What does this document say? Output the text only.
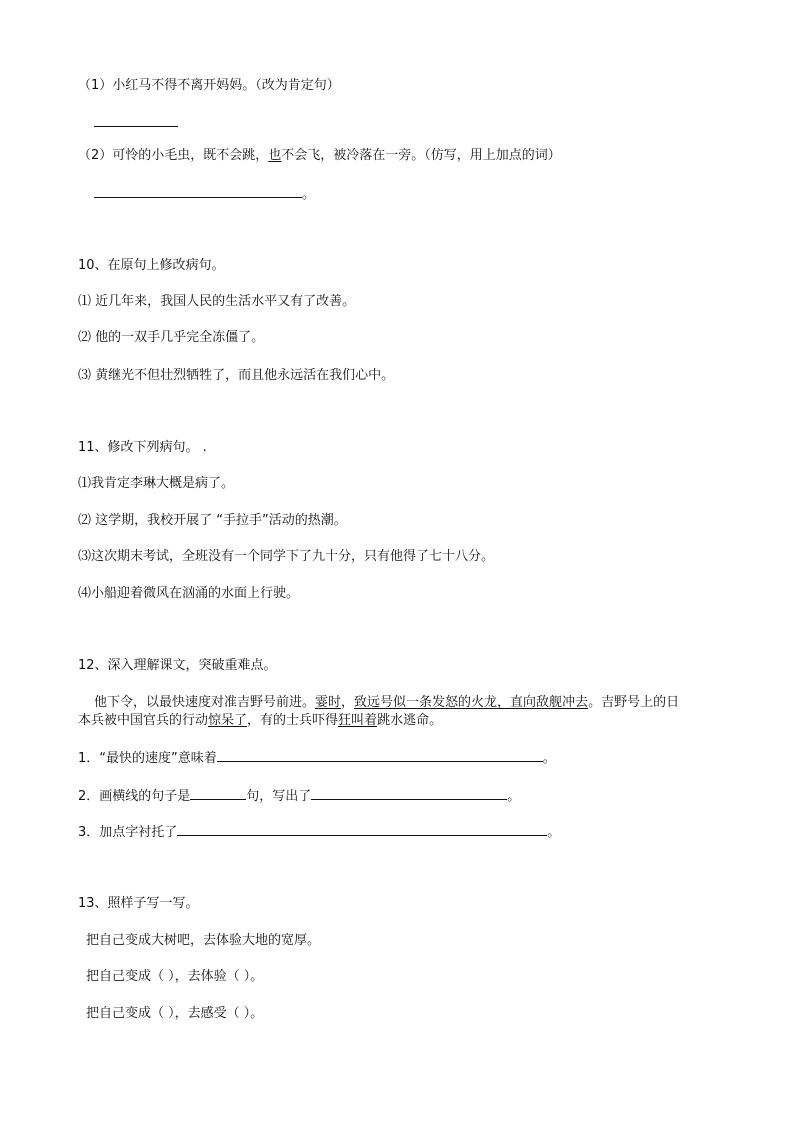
（1）小红马不得不离开妈妈。（改为肯定句）
（2）可怜的小毛虫，既不会跳，也不会飞，被冷落在一旁。（仿写，用上加点的词）
。
10、在原句上修改病句。
⑴ 近几年来，我国人民的生活水平又有了改善。
⑵ 他的一双手几乎完全冻僵了。
⑶ 黄继光不但壮烈牺牲了，而且他永远活在我们心中。
11、修改下列病句。 .
⑴我肯定李琳大概是病了。
⑵ 这学期，我校开展了 “手拉手”活动的热潮。
⑶这次期末考试，全班没有一个同学下了九十分，只有他得了七十八分。
⑷小船迎着微风在汹涌的水面上行驶。
12、深入理解课文，突破重难点。
他下令，以最快速度对准吉野号前进。霎时，致远号似一条发怒的火龙，直向敌舰冲去。吉野号上的日
本兵被中国官兵的行动惊呆了，有的士兵吓得狂叫着跳水逃命。
1．“最快的速度”意味着	。
2．画横线的句子是	句，写出了	。
3．加点字衬托了	。
13、照样子写一写。
把自己变成大树吧，去体验大地的宽厚。
把自己变成（ ），去体验（ ）。
把自己变成（ ），去感受（ ）。
